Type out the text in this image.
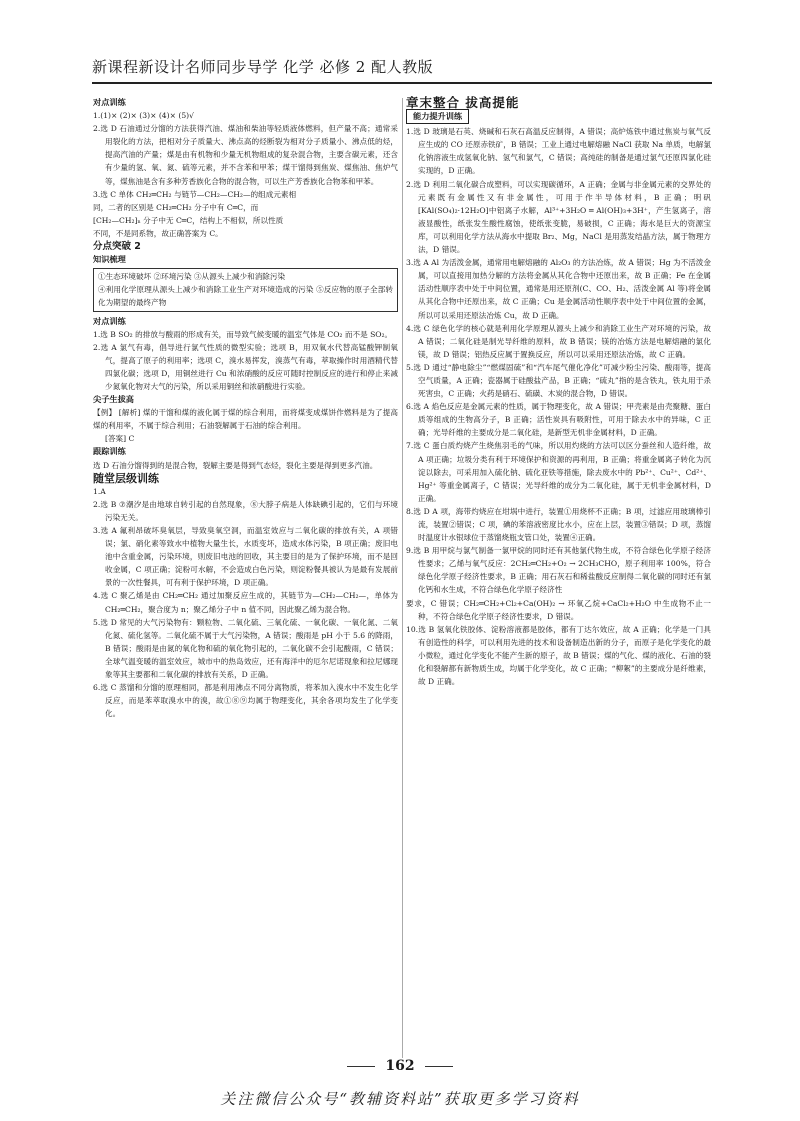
新课程新设计名师同步导学 化学 必修 2 配人教版

对点训练

1.(1)× (2)× (3)× (4)× (5)√

2.选 D 石油通过分馏的方法获得汽油、煤油和柴油等轻质液体燃料，但产量不高；通常采用裂化的方法，把相对分子质量大、沸点高的烃断裂为相对分子质量小、沸点低的烃，提高汽油的产量；煤是由有机物和少量无机物组成的复杂混合物，主要含碳元素，还含有少量的氢、氧、氮、硫等元素，并不含苯和甲苯；煤干馏得到焦炭、煤焦油、焦炉气等，煤焦油是含有多种芳香族化合物的混合物，可以生产芳香族化合物苯和甲苯。

3.选 C 单体 CH₂═CH₂ 与链节—CH₂—CH₂—的组成元素相

同，二者的区别是 CH₂═CH₂ 分子中有 C═C，而

[CH₂—CH₂]ₙ 分子中无 C═C，结构上不相似，所以性质

不同，不是同系物，故正确答案为 C。

分点突破 2

知识梳理

①生态环境破坏 ②环境污染 ③从源头上减少和消除污染

④利用化学原理从源头上减少和消除工业生产对环境造成的污染 ⑤反应物的原子全部转化为期望的最终产物

对点训练

1.选 B SO₂ 的排放与酸雨的形成有关，而导致气候变暖的温室气体是 CO₂ 而不是 SO₂。

2.选 A 氯气有毒，倡导进行氯气性质的微型实验；选项 B，用双氧水代替高锰酸钾制氧气，提高了原子的利用率；选项 C，溴水易挥发，溴蒸气有毒，萃取操作时用酒精代替四氯化碳；选项 D，用铜丝进行 Cu 和浓硝酸的反应可随时控制反应的进行和停止来减少氮氧化物对大气的污染，所以采用铜丝和浓硝酸进行实验。

尖子生拔高

【例】 [解析] 煤的干馏和煤的液化属于煤的综合利用，而将煤变成煤饼作燃料是为了提高煤的利用率，不属于综合利用；石油裂解属于石油的综合利用。

[答案] C

跟踪训练

选 D 石油分馏得到的是混合物，裂解主要是得到气态烃，裂化主要是得到更多汽油。

随堂层级训练

1.A

2.选 B ⑦潮汐是由地球自转引起的自然现象，⑧大脖子病是人体缺碘引起的，它们与环境污染无关。

3.选 A 氟利昂破坏臭氧层，导致臭氧空洞，而温室效应与二氧化碳的排放有关，A 项错误；氯、硝化素等致水中植物大量生长，水质变坏，造成水体污染，B 项正确；废旧电池中含重金属，污染环境，则废旧电池的回收，其主要目的是为了保护环境，而不是回收金属，C 项正确；淀粉可水解，不会造成白色污染，则淀粉餐具被认为是最有发展前景的一次性餐具，可有利于保护环境，D 项正确。

4.选 C 聚乙烯是由 CH₂═CH₂ 通过加聚反应生成的，其链节为—CH₂—CH₂—，单体为 CH₂═CH₂，聚合度为 n；聚乙烯分子中 n 值不同，因此聚乙烯为混合物。

5.选 D 常见的大气污染物有：颗粒物、二氧化硫、三氧化硫、一氧化碳、一氧化氮、二氧化氮、硫化氢等。二氧化硫不属于大气污染物，A 错误；酸雨是 pH 小于 5.6 的降雨，B 错误；酸雨是由氮的氧化物和硫的氧化物引起的，二氧化碳不会引起酸雨，C 错误；全球气温变暖的温室效应，城市中的热岛效应，还有海洋中的厄尔尼诺现象和拉尼娜现象等其主要都和二氧化碳的排放有关系，D 正确。

6.选 C 蒸馏和分馏的原理相同，都是利用沸点不同分离物质，将苯加入溴水中不发生化学反应，而是苯萃取溴水中的溴，故①⑧⑨均属于物理变化，其余各项均发生了化学变化。

章末整合 拔高提能

能力提升训练

1.选 D 玻璃是石英、烧碱和石灰石高温反应制得，A 错误；高炉炼铁中通过焦炭与氧气反应生成的 CO 还原赤铁矿，B 错误；工业上通过电解熔融 NaCl 获取 Na 单质，电解氯化钠溶液生成氢氧化钠、氢气和氯气，C 错误；高纯硅的制备是通过氯气还原四氯化硅实现的，D 正确。

2.选 D 利用二氧化碳合成塑料，可以实现碳循环，A 正确；金属与非金属元素的交界处的元素既有金属性又有非金属性，可用于作半导体材料，B 正确；明矾[KAl(SO₄)₂·12H₂O]中铝离子水解，Al³⁺+3H₂O ═ Al(OH)₃+3H⁺，产生氢离子，溶液显酸性，纸张发生酸性腐蚀，使纸张变脆，易破损，C 正确；海水是巨大的资源宝库，可以利用化学方法从海水中提取 Br₂、Mg，NaCl 是用蒸发结晶方法，属于物理方法，D 错误。

3.选 A Al 为活泼金属，通常用电解熔融的 Al₂O₃ 的方法冶炼，故 A 错误；Hg 为不活泼金属，可以直接用加热分解的方法将金属从其化合物中还原出来，故 B 正确；Fe 在金属活动性顺序表中处于中间位置，通常是用还原剂(C、CO、H₂、活泼金属 Al 等)将金属从其化合物中还原出来，故 C 正确；Cu 是金属活动性顺序表中处于中间位置的金属，所以可以采用还原法冶炼 Cu，故 D 正确。

4.选 C 绿色化学的核心就是利用化学原理从源头上减少和消除工业生产对环境的污染，故 A 错误；二氧化硅是制光导纤维的原料，故 B 错误；镁的冶炼方法是电解熔融的氯化镁，故 D 错误；铝热反应属于置换反应，所以可以采用还原法冶炼，故 C 正确。

5.选 D 通过“静电除尘”“燃煤固硫”和“汽车尾气催化净化”可减少粉尘污染、酸雨等，提高空气质量，A 正确；瓷器属于硅酸盐产品，B 正确；“硫丸”指的是含铁丸，铁丸用于杀死害虫，C 正确；火药是硝石、硫磺、木炭的混合物，D 错误。

6.选 A 焰色反应是金属元素的性质，属于物理变化，故 A 错误；甲壳素是由壳聚糖、蛋白质等组成的生物高分子，B 正确；活性炭具有吸附性，可用于除去水中的异味，C 正确；光导纤维的主要成分是二氧化硅，是新型无机非金属材料，D 正确。

7.选 C 蛋白质灼烧产生烧焦羽毛的气味，所以用灼烧的方法可以区分蚕丝和人造纤维，故 A 项正确；垃圾分类有利于环境保护和资源的再利用，B 正确；将重金属离子转化为沉淀以除去，可采用加入硫化钠、硫化亚铁等措施，除去废水中的 Pb²⁺、Cu²⁺、Cd²⁺、Hg²⁺ 等重金属离子，C 错误；光导纤维的成分为二氧化硅，属于无机非金属材料，D 正确。

8.选 D A 项，海带灼烧应在坩埚中进行，装置①用烧杯不正确；B 项，过滤应用玻璃棒引流，装置②错误；C 项，碘的苯溶液密度比水小，应在上层，装置③错误；D 项，蒸馏时温度计水银球位于蒸馏烧瓶支管口处，装置④正确。

9.选 B 用甲烷与氯气制备一氯甲烷的同时还有其他氯代物生成，不符合绿色化学原子经济性要求；乙烯与氧气反应：2CH₂═CH₂+O₂ → 2CH₃CHO，原子利用率 100%，符合绿色化学原子经济性要求，B 正确；用石灰石和稀盐酸反应制得二氧化碳的同时还有氯化钙和水生成，不符合绿色化学原子经济性

要求，C 错误；CH₂═CH₂+Cl₂+Ca(OH)₂ → 环氧乙烷+CaCl₂+H₂O 中生成物不止一种，不符合绿色化学原子经济性要求，D 错误。

10.选 B 氢氧化铁胶体、淀粉溶液都是胶体，都有丁达尔效应，故 A 正确；化学是一门具有创造性的科学，可以利用先进的技术和设备制造出新的分子，而原子是化学变化的最小微粒，通过化学变化不能产生新的原子，故 B 错误；煤的气化、煤的液化、石油的裂化和裂解都有新物质生成，均属于化学变化，故 C 正确；“柳絮”的主要成分是纤维素，故 D 正确。

162
关注微信公众号“教辅资料站”获取更多学习资料
